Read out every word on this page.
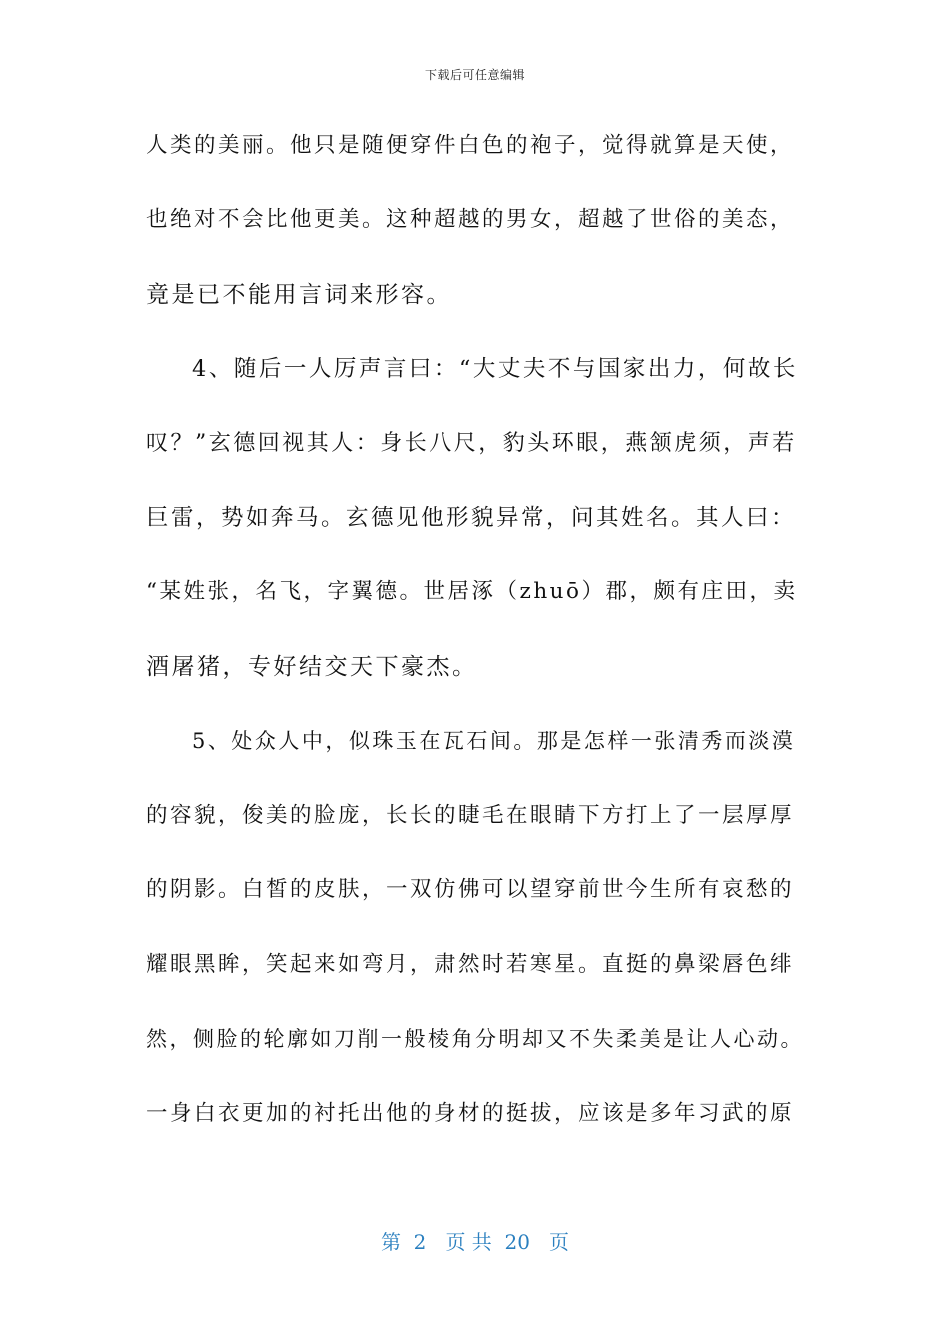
下载后可任意编辑
人类的美丽。他只是随便穿件白色的袍子，觉得就算是天使，
也绝对不会比他更美。这种超越的男女，超越了世俗的美态，
竟是已不能用言词来形容。
4、随后一人厉声言曰：“大丈夫不与国家出力，何故长
叹？”玄德回视其人：身长八尺，豹头环眼，燕颔虎须，声若
巨雷，势如奔马。玄德见他形貌异常，问其姓名。其人曰：
“某姓张，名飞，字翼德。世居涿（zhuō）郡，颇有庄田，卖
酒屠猪，专好结交天下豪杰。
5、处众人中，似珠玉在瓦石间。那是怎样一张清秀而淡漠
的容貌，俊美的脸庞，长长的睫毛在眼睛下方打上了一层厚厚
的阴影。白皙的皮肤，一双仿佛可以望穿前世今生所有哀愁的
耀眼黑眸，笑起来如弯月，肃然时若寒星。直挺的鼻梁唇色绯
然，侧脸的轮廓如刀削一般棱角分明却又不失柔美是让人心动。
一身白衣更加的衬托出他的身材的挺拔，应该是多年习武的原
第  2   页 共  20   页
